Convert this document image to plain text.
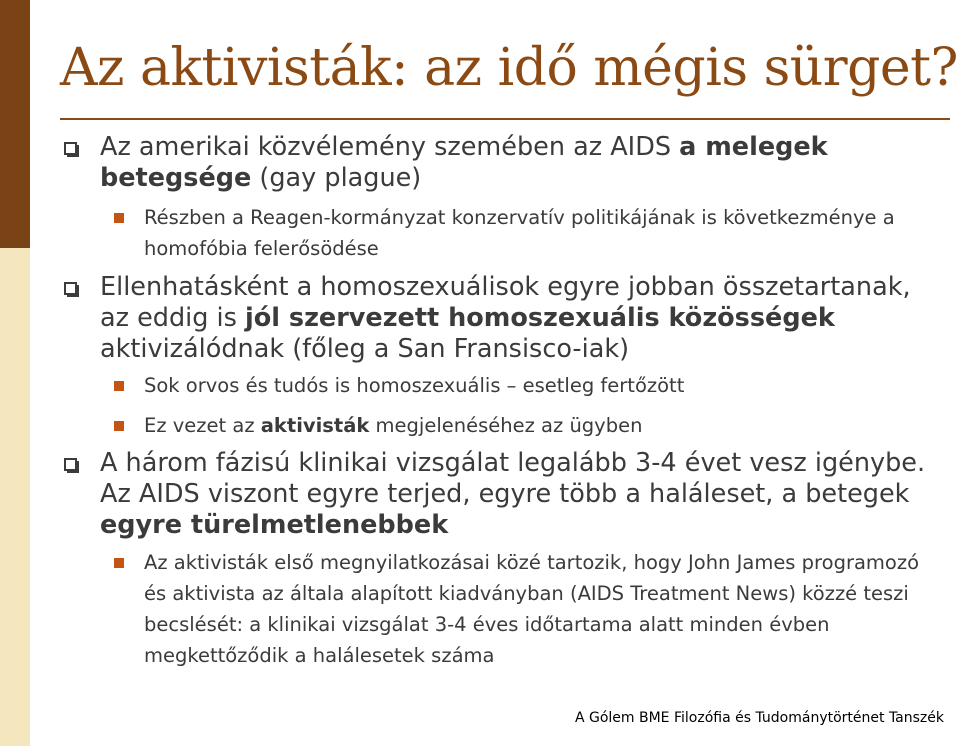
Az aktivisták: az idő mégis sürget?
Az amerikai közvélemény szemében az AIDS a melegek betegsége (gay plague)
Részben a Reagen-kormányzat konzervatív politikájának is következménye a homofóbia felerősödése
Ellenhatásként a homoszexuálisok egyre jobban összetartanak, az eddig is jól szervezett homoszexuális közösségek aktivizálódnak (főleg a San Fransisco-iak)
Sok orvos és tudós is homoszexuális – esetleg fertőzött
Ez vezet az aktivisták megjelenéséhez az ügyben
A három fázisú klinikai vizsgálat legalább 3-4 évet vesz igénybe. Az AIDS viszont egyre terjed, egyre több a haláleset, a betegek egyre türelmetlenebbek
Az aktivisták első megnyilatkozásai közé tartozik, hogy John James programozó és aktivista az általa alapított kiadványban (AIDS Treatment News) közzé teszi becslését: a klinikai vizsgálat 3-4 éves időtartama alatt minden évben megkettőződik a halálesetek száma
A Gólem BME Filozófia és Tudománytörténet Tanszék
